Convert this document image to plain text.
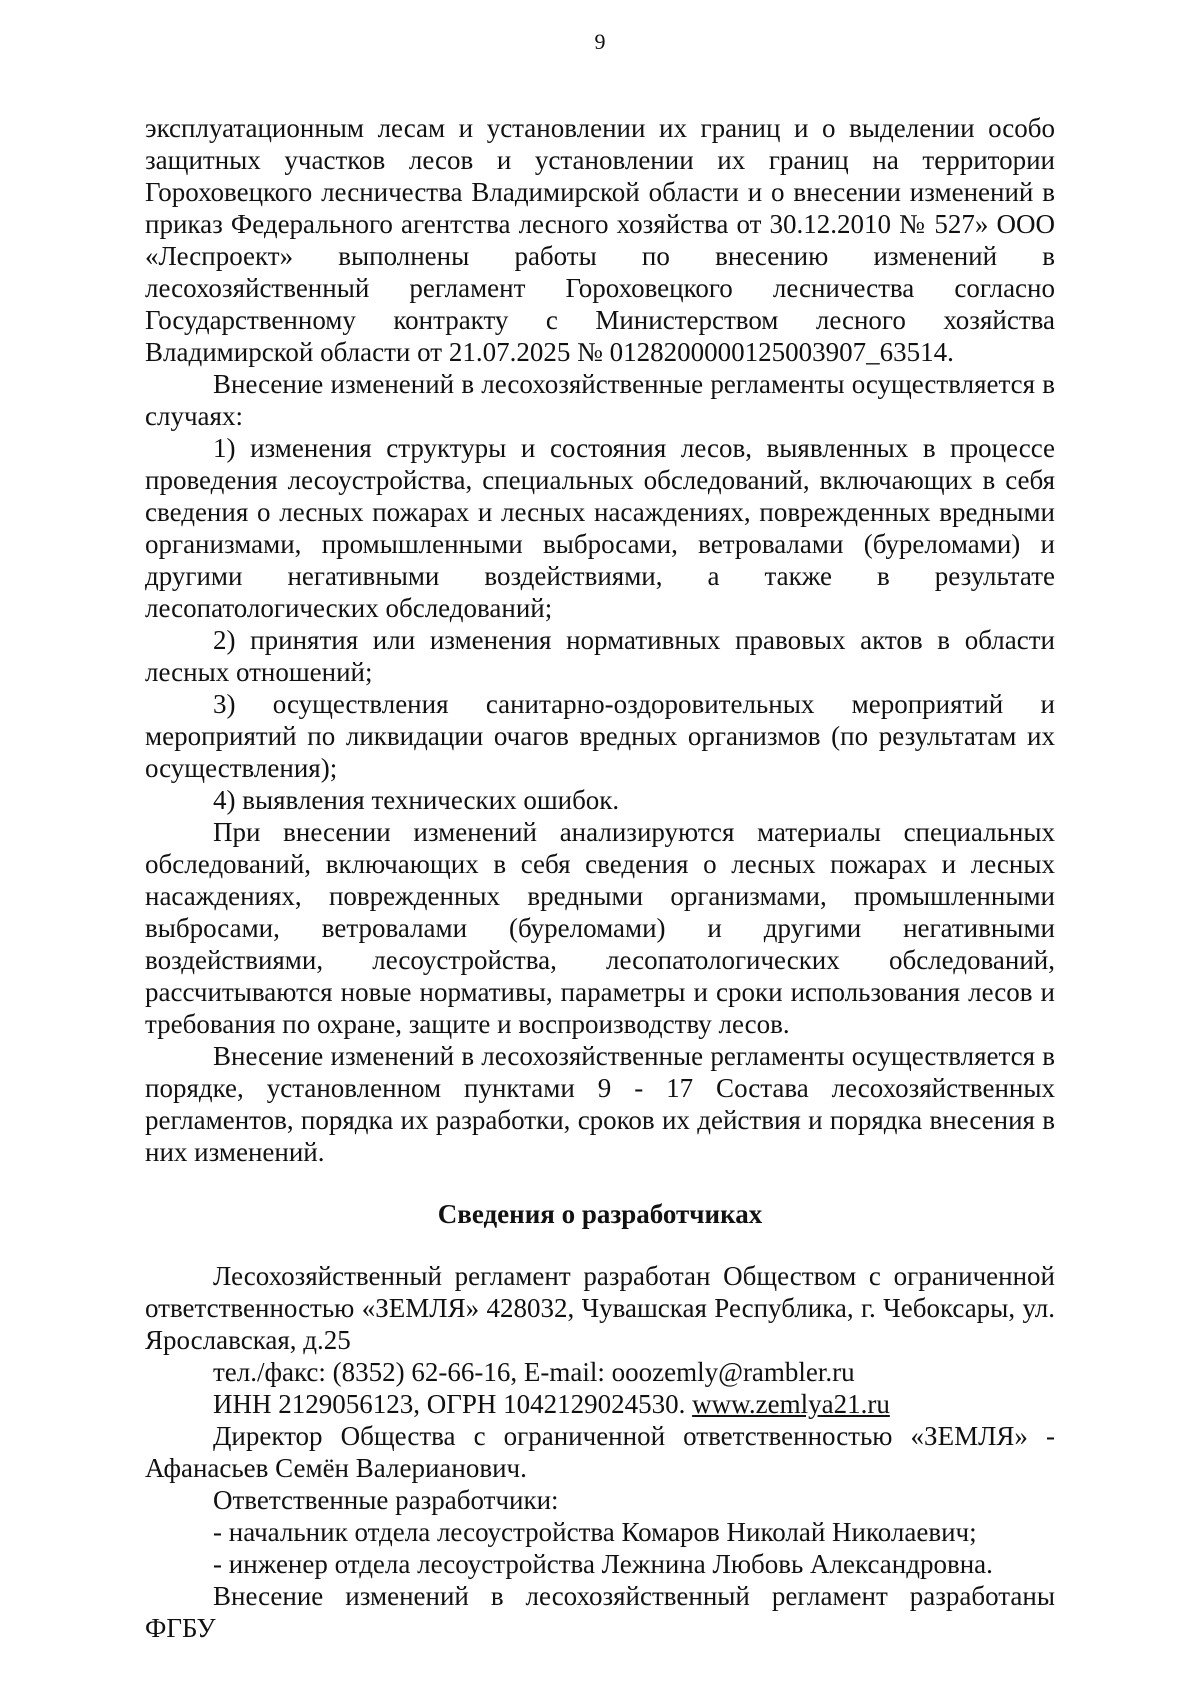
9

эксплуатационным лесам и установлении их границ и о выделении особо защитных участков лесов и установлении их границ на территории Гороховецкого лесничества Владимирской области и о внесении изменений в приказ Федерального агентства лесного хозяйства от 30.12.2010 № 527» ООО «Леспроект» выполнены работы по внесению изменений в лесохозяйственный регламент Гороховецкого лесничества согласно Государственному контракту с Министерством лесного хозяйства Владимирской области от 21.07.2025 № 0128200000125003907_63514.

Внесение изменений в лесохозяйственные регламенты осуществляется в случаях:

1) изменения структуры и состояния лесов, выявленных в процессе проведения лесоустройства, специальных обследований, включающих в себя сведения о лесных пожарах и лесных насаждениях, поврежденных вредными организмами, промышленными выбросами, ветровалами (буреломами) и другими негативными воздействиями, а также в результате лесопатологических обследований;

2) принятия или изменения нормативных правовых актов в области лесных отношений;

3) осуществления санитарно-оздоровительных мероприятий и мероприятий по ликвидации очагов вредных организмов (по результатам их осуществления);

4) выявления технических ошибок.

При внесении изменений анализируются материалы специальных обследований, включающих в себя сведения о лесных пожарах и лесных насаждениях, поврежденных вредными организмами, промышленными выбросами, ветровалами (буреломами) и другими негативными воздействиями, лесоустройства, лесопатологических обследований, рассчитываются новые нормативы, параметры и сроки использования лесов и требования по охране, защите и воспроизводству лесов.

Внесение изменений в лесохозяйственные регламенты осуществляется в порядке, установленном пунктами 9 - 17 Состава лесохозяйственных регламентов, порядка их разработки, сроков их действия и порядка внесения в них изменений.

Сведения о разработчиках

Лесохозяйственный регламент разработан Обществом с ограниченной ответственностью «ЗЕМЛЯ» 428032, Чувашская Республика, г. Чебоксары, ул. Ярославская, д.25

тел./факс: (8352) 62-66-16, E-mail: ooozemly@rambler.ru

ИНН 2129056123, ОГРН 1042129024530. www.zemlya21.ru

Директор Общества с ограниченной ответственностью «ЗЕМЛЯ» - Афанасьев Семён Валерианович.

Ответственные разработчики:

- начальник отдела лесоустройства Комаров Николай Николаевич;

- инженер отдела лесоустройства Лежнина Любовь Александровна.

Внесение изменений в лесохозяйственный регламент разработаны ФГБУ
